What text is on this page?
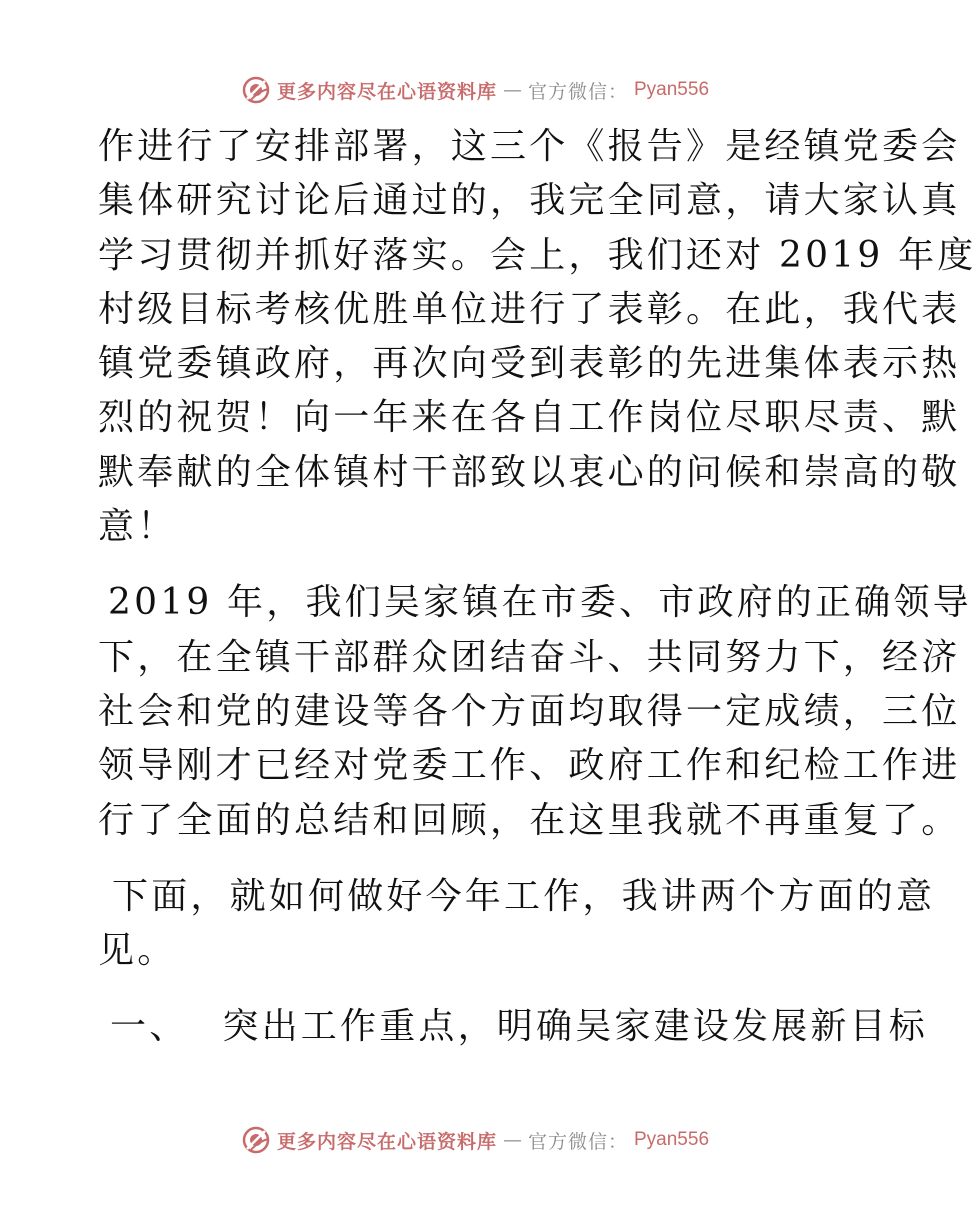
更多内容尽在心语资料库 — 官方微信： Pyan556
作进行了安排部署，这三个《报告》是经镇党委会
集体研究讨论后通过的，我完全同意，请大家认真
学习贯彻并抓好落实。会上，我们还对 2019 年度
村级目标考核优胜单位进行了表彰。在此，我代表
镇党委镇政府，再次向受到表彰的先进集体表示热
烈的祝贺！向一年来在各自工作岗位尽职尽责、默
默奉献的全体镇村干部致以衷心的问候和崇高的敬
意！
2019 年，我们吴家镇在市委、市政府的正确领导
下，在全镇干部群众团结奋斗、共同努力下，经济
社会和党的建设等各个方面均取得一定成绩，三位
领导刚才已经对党委工作、政府工作和纪检工作进
行了全面的总结和回顾，在这里我就不再重复了。
下面，就如何做好今年工作，我讲两个方面的意
见。
一、 突出工作重点，明确吴家建设发展新目标
更多内容尽在心语资料库 — 官方微信： Pyan556
